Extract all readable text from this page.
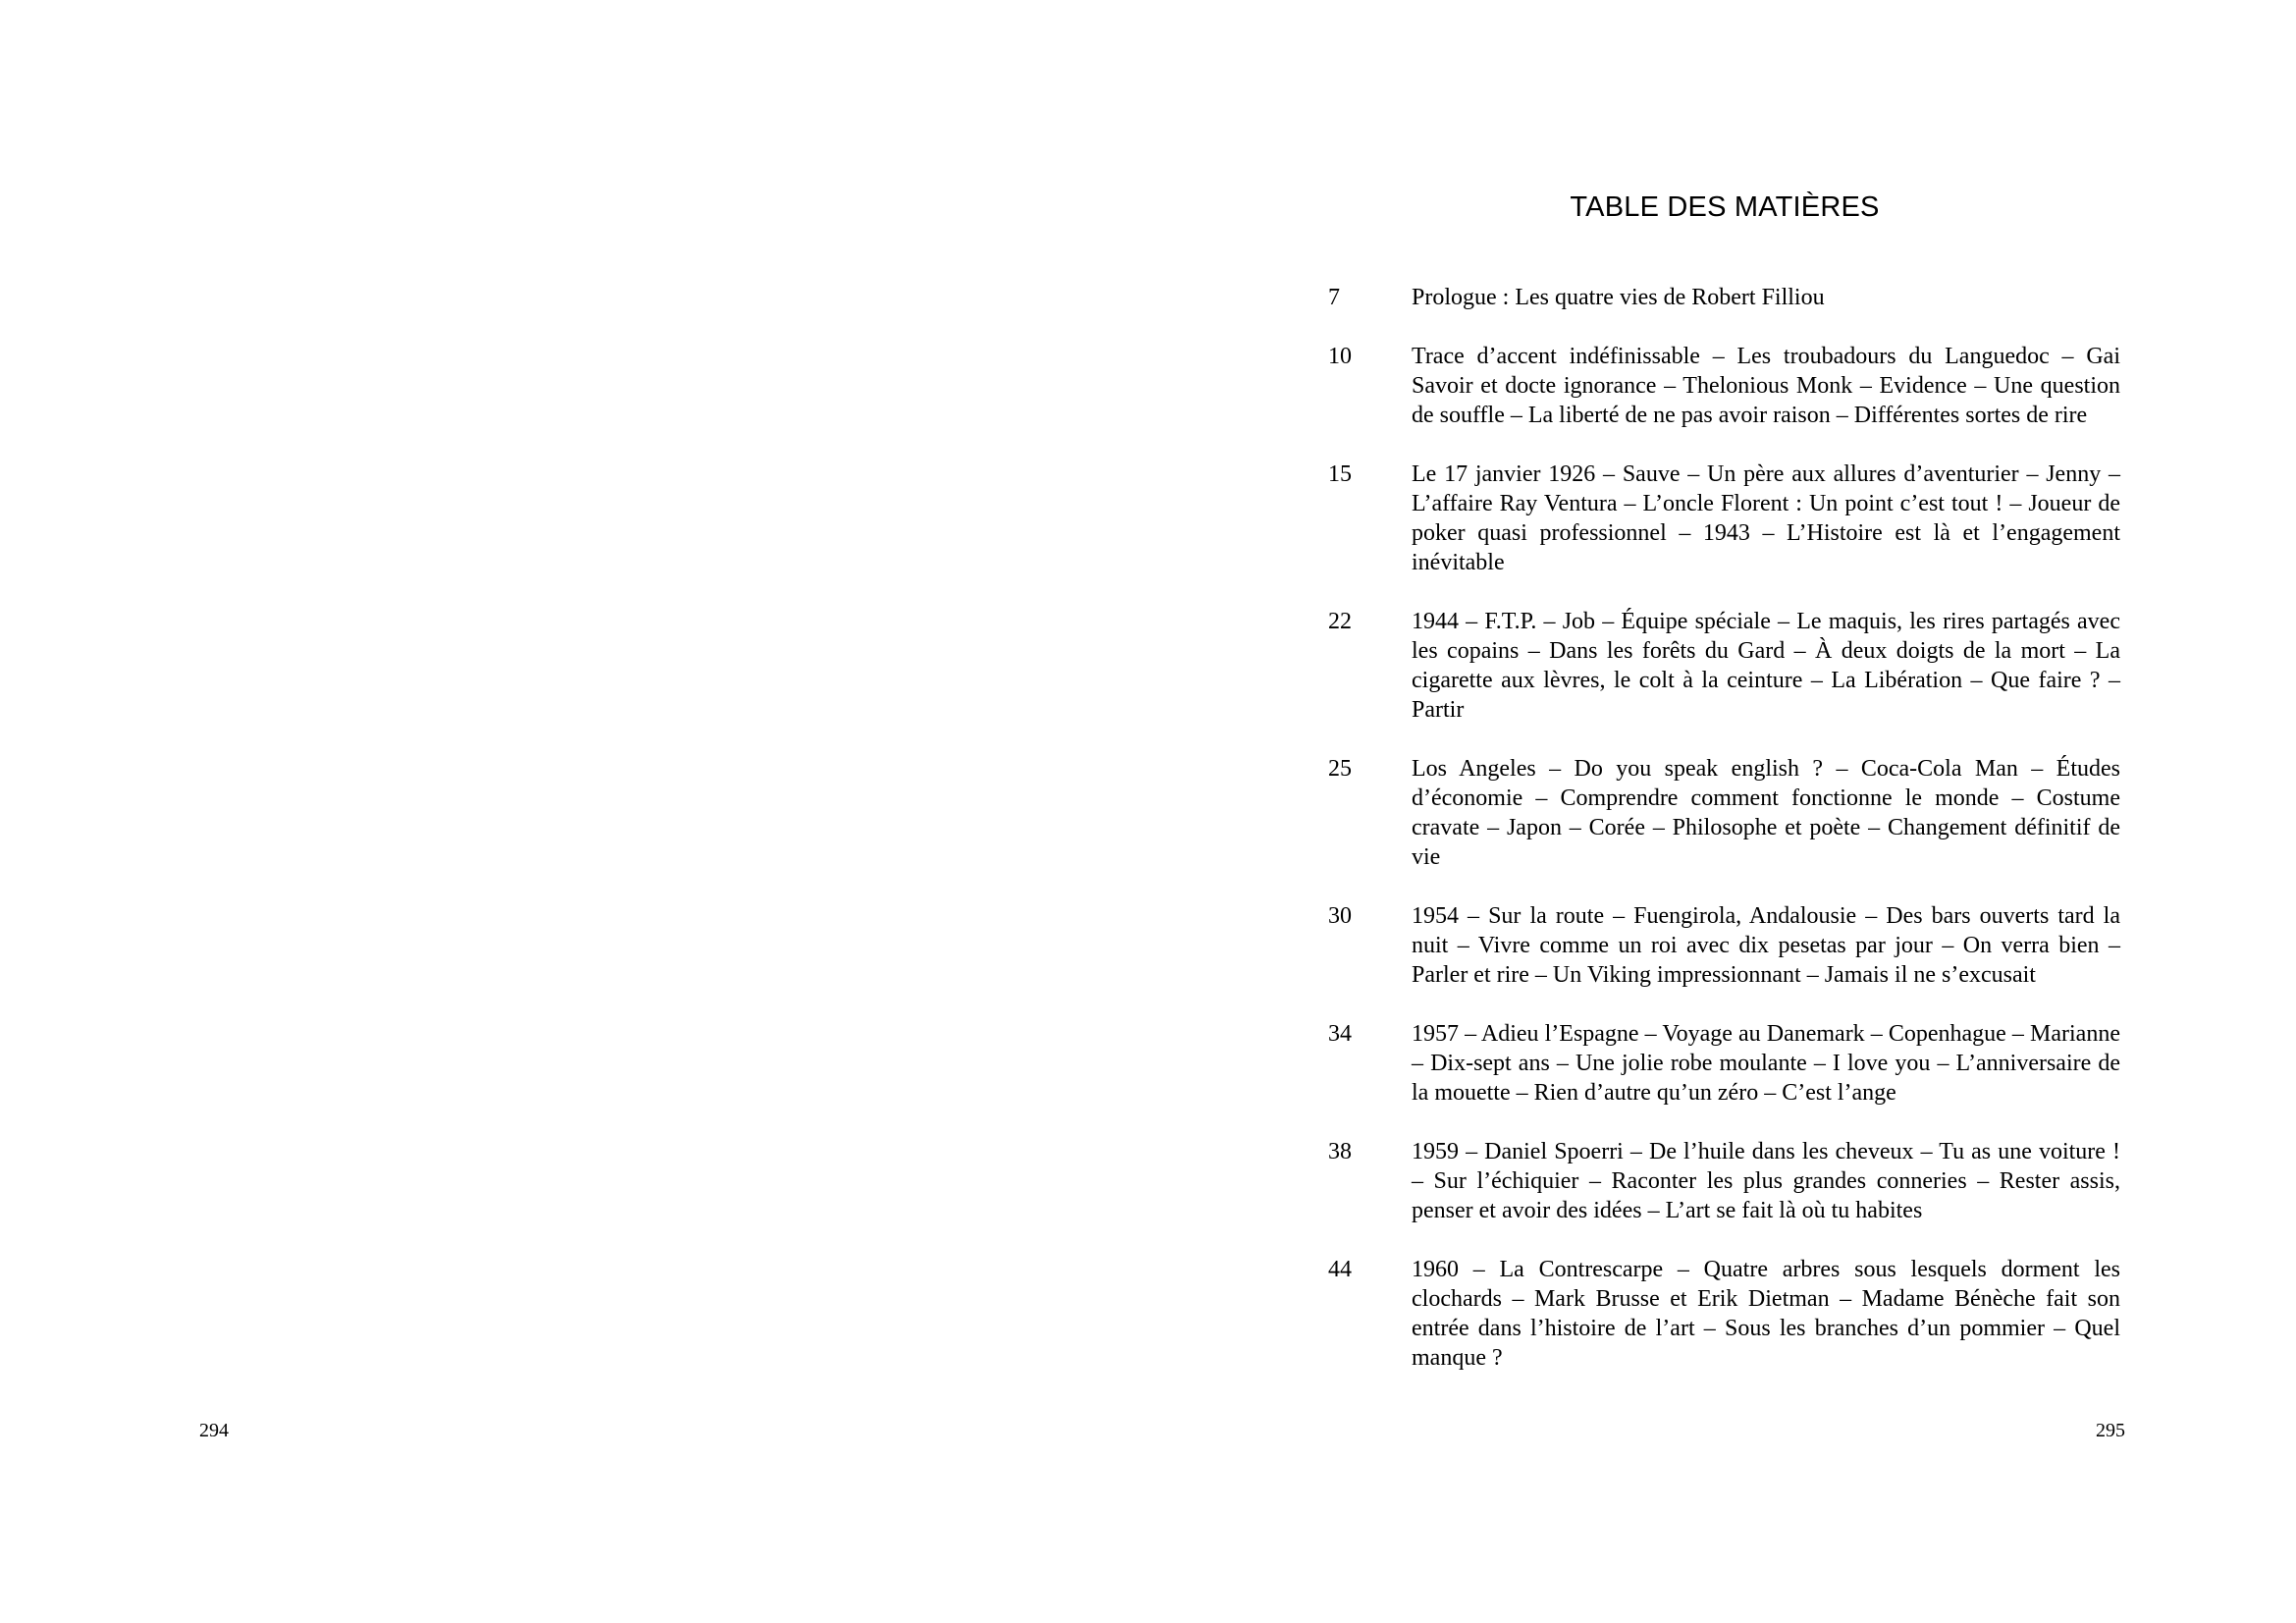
294
TABLE DES MATIÈRES
7	Prologue : Les quatre vies de Robert Filliou
10	Trace d’accent indéfinissable – Les troubadours du Languedoc – Gai Savoir et docte ignorance – Thelonious Monk – Evidence – Une question de souffle – La liberté de ne pas avoir raison – Différentes sortes de rire
15	Le 17 janvier 1926 – Sauve – Un père aux allures d’aventurier – Jenny – L’affaire Ray Ventura – L’oncle Florent : Un point c’est tout ! – Joueur de poker quasi professionnel – 1943 – L’Histoire est là et l’engagement inévitable
22	1944 – F.T.P. – Job – Équipe spéciale – Le maquis, les rires partagés avec les copains – Dans les forêts du Gard – À deux doigts de la mort – La cigarette aux lèvres, le colt à la ceinture – La Libération – Que faire ? – Partir
25	Los Angeles – Do you speak english ? – Coca-Cola Man – Études d’économie – Comprendre comment fonctionne le monde – Costume cravate – Japon – Corée – Philosophe et poète – Changement définitif de vie
30	1954 – Sur la route – Fuengirola, Andalousie – Des bars ouverts tard la nuit – Vivre comme un roi avec dix pesetas par jour – On verra bien – Parler et rire – Un Viking impressionnant – Jamais il ne s’excusait
34	1957 – Adieu l’Espagne – Voyage au Danemark – Copenhague – Marianne – Dix-sept ans – Une jolie robe moulante – I love you – L’anniversaire de la mouette – Rien d’autre qu’un zéro – C’est l’ange
38	1959 – Daniel Spoerri – De l’huile dans les cheveux – Tu as une voiture ! – Sur l’échiquier – Raconter les plus grandes conneries – Rester assis, penser et avoir des idées – L’art se fait là où tu habites
44	1960 – La Contrescarpe – Quatre arbres sous lesquels dorment les clochards – Mark Brusse et Erik Dietman – Madame Bénèche fait son entrée dans l’histoire de l’art – Sous les branches d’un pommier – Quel manque ?
295
